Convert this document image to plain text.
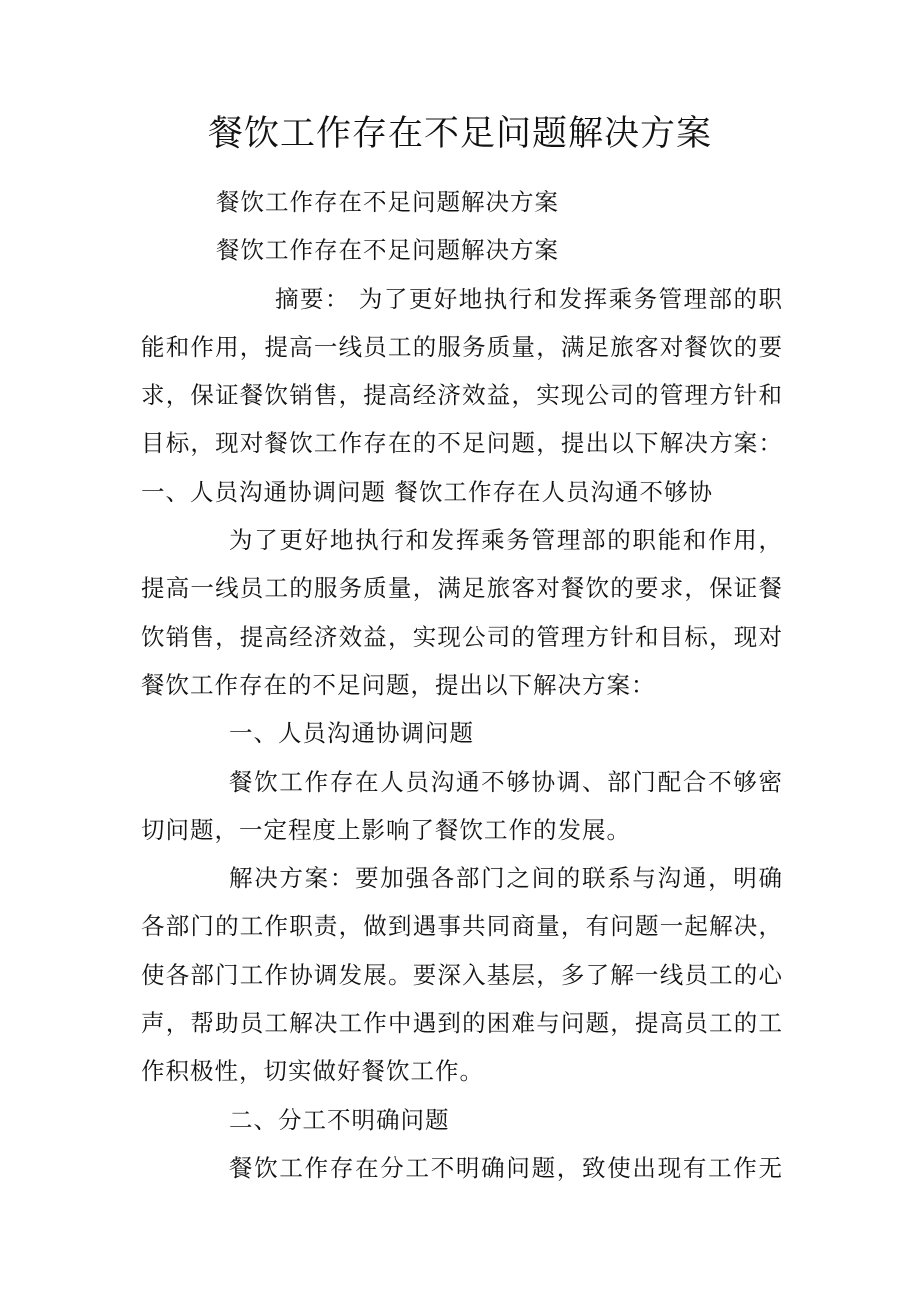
餐饮工作存在不足问题解决方案
餐饮工作存在不足问题解决方案
餐饮工作存在不足问题解决方案
摘要： 为了更好地执行和发挥乘务管理部的职
能和作用，提高一线员工的服务质量，满足旅客对餐饮的要
求，保证餐饮销售，提高经济效益，实现公司的管理方针和
目标，现对餐饮工作存在的不足问题，提出以下解决方案：
一、人员沟通协调问题 餐饮工作存在人员沟通不够协
为了更好地执行和发挥乘务管理部的职能和作用，
提高一线员工的服务质量，满足旅客对餐饮的要求，保证餐
饮销售，提高经济效益，实现公司的管理方针和目标，现对
餐饮工作存在的不足问题，提出以下解决方案：
一、人员沟通协调问题
餐饮工作存在人员沟通不够协调、部门配合不够密
切问题，一定程度上影响了餐饮工作的发展。
解决方案：要加强各部门之间的联系与沟通，明确
各部门的工作职责，做到遇事共同商量，有问题一起解决，
使各部门工作协调发展。要深入基层，多了解一线员工的心
声，帮助员工解决工作中遇到的困难与问题，提高员工的工
作积极性，切实做好餐饮工作。
二、分工不明确问题
餐饮工作存在分工不明确问题，致使出现有工作无
